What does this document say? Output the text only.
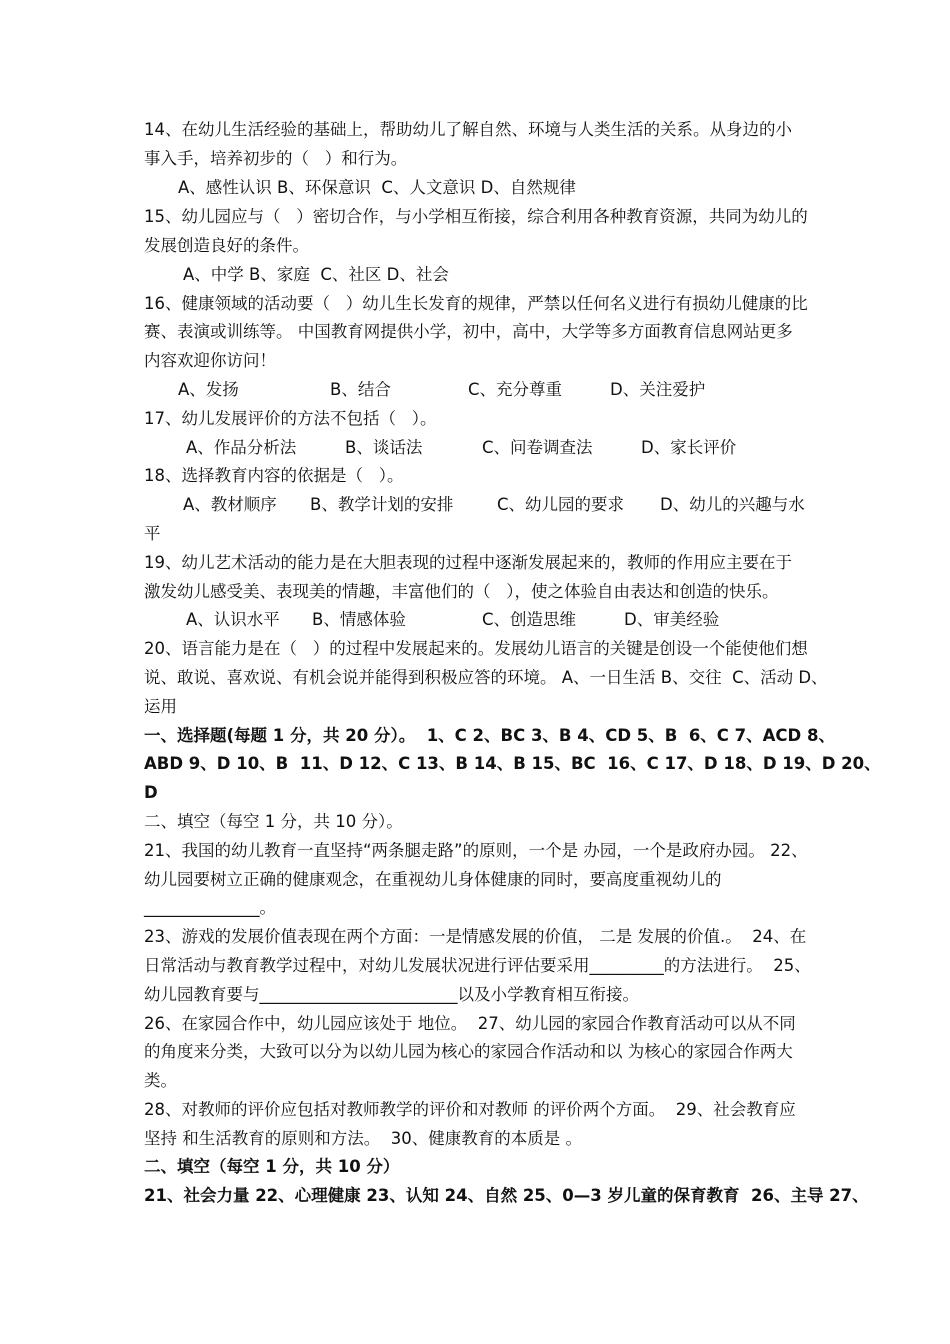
14、在幼儿生活经验的基础上，帮助幼儿了解自然、环境与人类生活的关系。从身边的小
事入手，培养初步的（   ）和行为。
A、感性认识 B、环保意识  C、人文意识 D、自然规律
15、幼儿园应与（   ）密切合作，与小学相互衔接，综合利用各种教育资源，共同为幼儿的
发展创造良好的条件。
A、中学 B、家庭  C、社区 D、社会
16、健康领域的活动要（   ）幼儿生长发育的规律，严禁以任何名义进行有损幼儿健康的比
赛、表演或训练等。 中国教育网提供小学，初中，高中，大学等多方面教育信息网站更多
内容欢迎你访问！
A、发扬	B、结合	C、充分尊重	D、关注爱护
17、幼儿发展评价的方法不包括（   ）。
A、作品分析法	B、谈话法	C、问卷调查法	D、家长评价
18、选择教育内容的依据是（   ）。
A、教材顺序 B、教学计划的安排	C、幼儿园的要求 D、幼儿的兴趣与水
平
19、幼儿艺术活动的能力是在大胆表现的过程中逐渐发展起来的，教师的作用应主要在于
激发幼儿感受美、表现美的情趣，丰富他们的（   ），使之体验自由表达和创造的快乐。
A、认识水平 B、情感体验	C、创造思维	D、审美经验
20、语言能力是在（   ）的过程中发展起来的。发展幼儿语言的关键是创设一个能使他们想
说、敢说、喜欢说、有机会说并能得到积极应答的环境。 A、一日生活 B、交往  C、活动 D、
运用
一、选择题(每题 1 分，共 20 分）。  1、C 2、BC 3、B 4、CD 5、B  6、C 7、ACD 8、
ABD 9、D 10、B  11、D 12、C 13、B 14、B 15、BC  16、C 17、D 18、D 19、D 20、
D
二、填空（每空 1 分，共 10 分）。
21、我国的幼儿教育一直坚持“两条腿走路”的原则，一个是 办园，一个是政府办园。 22、
幼儿园要树立正确的健康观念，在重视幼儿身体健康的同时，要高度重视幼儿的
______________。
23、游戏的发展价值表现在两个方面：一是情感发展的价值， 二是 发展的价值.。  24、在
日常活动与教育教学过程中，对幼儿发展状况进行评估要采用_________的方法进行。  25、
幼儿园教育要与________________________以及小学教育相互衔接。
26、在家园合作中，幼儿园应该处于 地位。  27、幼儿园的家园合作教育活动可以从不同
的角度来分类，大致可以分为以幼儿园为核心的家园合作活动和以 为核心的家园合作两大
类。
28、对教师的评价应包括对教师教学的评价和对教师 的评价两个方面。  29、社会教育应
坚持 和生活教育的原则和方法。  30、健康教育的本质是 。
二、填空（每空 1 分，共 10 分）
21、社会力量 22、心理健康 23、认知 24、自然 25、0—3 岁儿童的保育教育  26、主导 27、
